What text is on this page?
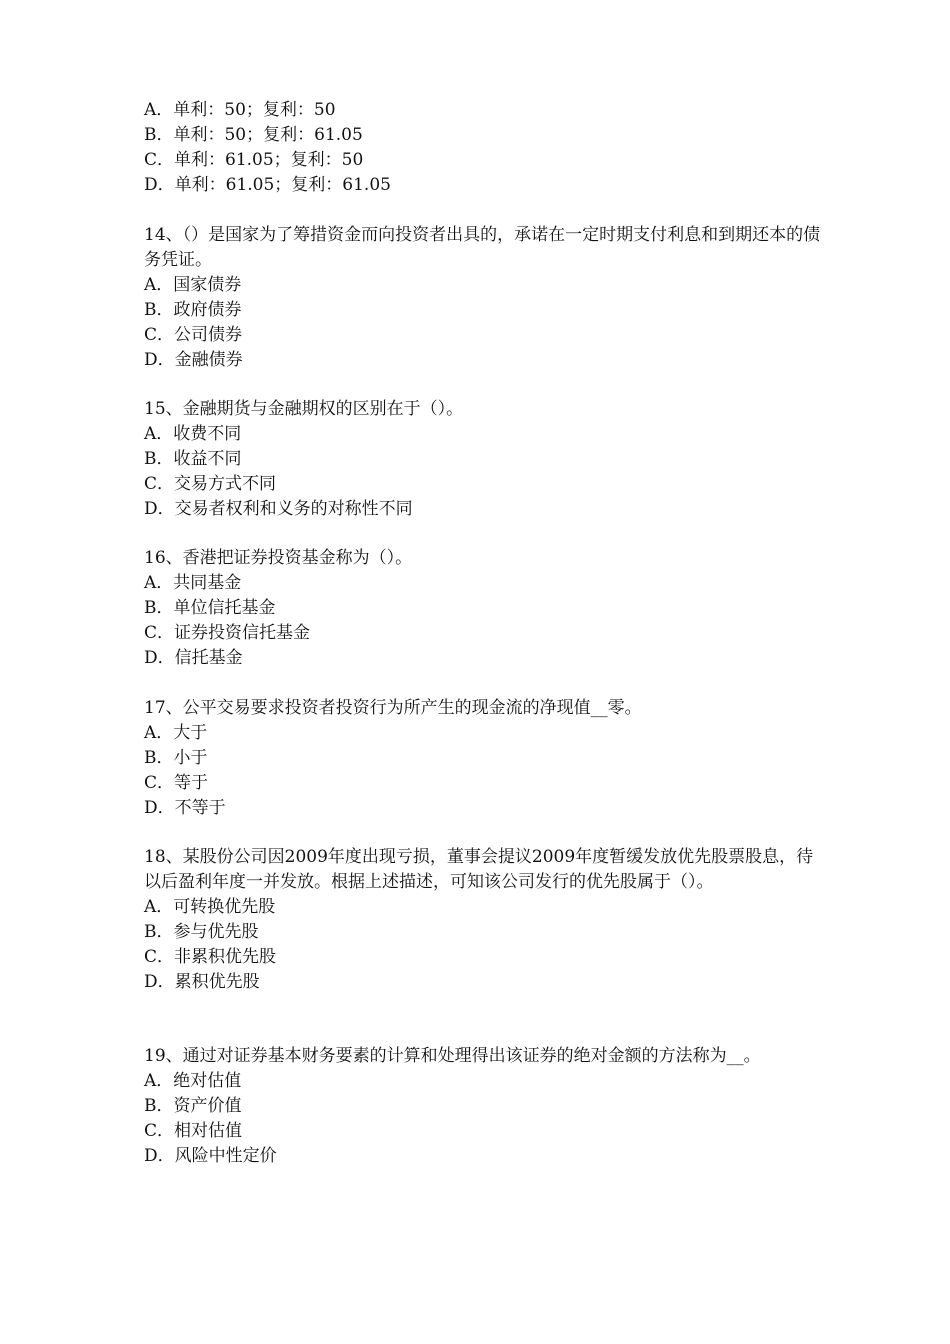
A．单利：50；复利：50
B．单利：50；复利：61.05
C．单利：61.05；复利：50
D．单利：61.05；复利：61.05
14、（）是国家为了筹措资金而向投资者出具的，承诺在一定时期支付利息和到期还本的债务凭证。
A．国家债券
B．政府债券
C．公司债券
D．金融债券
15、金融期货与金融期权的区别在于（）。
A．收费不同
B．收益不同
C．交易方式不同
D．交易者权利和义务的对称性不同
16、香港把证券投资基金称为（）。
A．共同基金
B．单位信托基金
C．证券投资信托基金
D．信托基金
17、公平交易要求投资者投资行为所产生的现金流的净现值__零。
A．大于
B．小于
C．等于
D．不等于
18、某股份公司因2009年度出现亏损，董事会提议2009年度暂缓发放优先股票股息，待以后盈利年度一并发放。根据上述描述，可知该公司发行的优先股属于（）。
A．可转换优先股
B．参与优先股
C．非累积优先股
D．累积优先股
19、通过对证券基本财务要素的计算和处理得出该证券的绝对金额的方法称为__。
A．绝对估值
B．资产价值
C．相对估值
D．风险中性定价
